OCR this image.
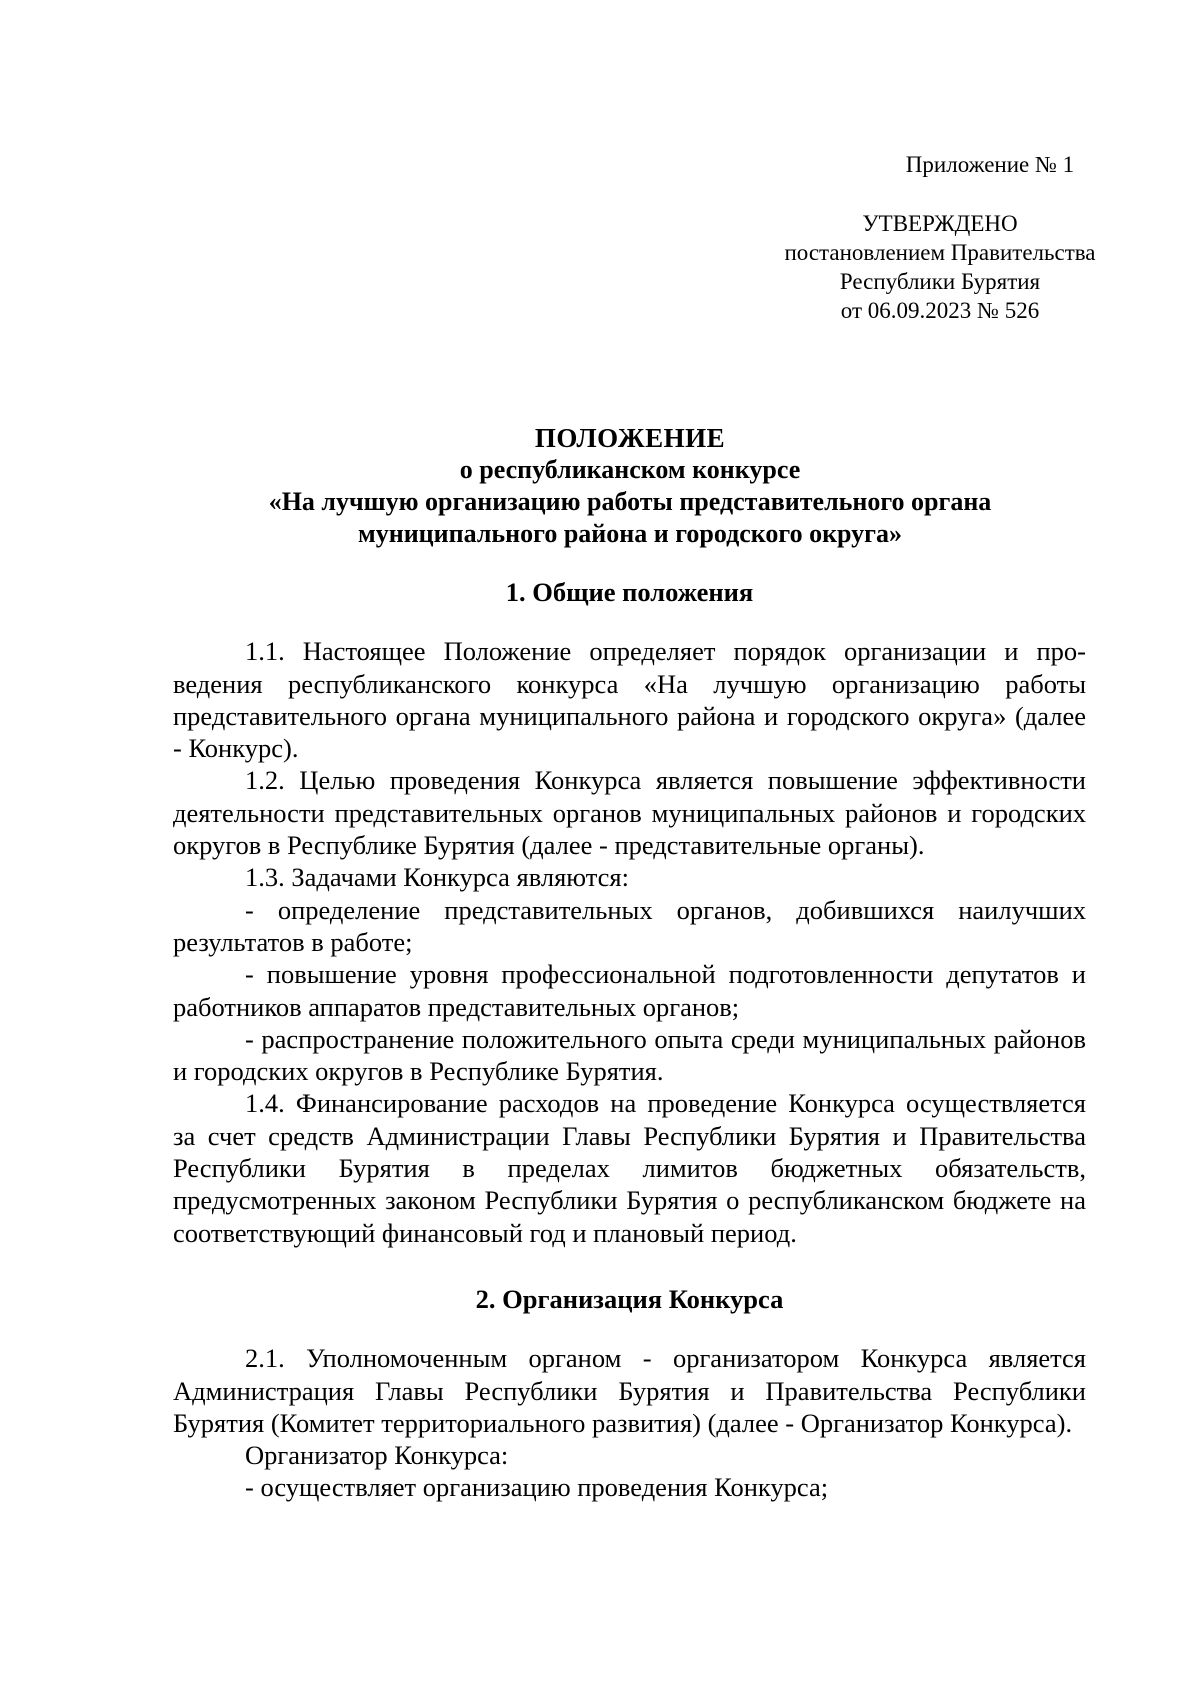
Приложение № 1
УТВЕРЖДЕНО
постановлением Правительства
Республики Бурятия
от 06.09.2023 № 526
ПОЛОЖЕНИЕ
о республиканском конкурсе
«На лучшую организацию работы представительного органа
муниципального района и городского округа»

1. Общие положения

1.1. Настоящее Положение определяет порядок организации и проведения республиканского конкурса «На лучшую организацию работы представительного органа муниципального района и городского округа» (далее - Конкурс).

1.2. Целью проведения Конкурса является повышение эффективности деятельности представительных органов муниципальных районов и городских округов в Республике Бурятия (далее - представительные органы).

1.3. Задачами Конкурса являются:

- определение представительных органов, добившихся наилучших результатов в работе;

- повышение уровня профессиональной подготовленности депутатов и работников аппаратов представительных органов;

- распространение положительного опыта среди муниципальных районов и городских округов в Республике Бурятия.

1.4. Финансирование расходов на проведение Конкурса осуществляется за счет средств Администрации Главы Республики Бурятия и Правительства Республики Бурятия в пределах лимитов бюджетных обязательств, предусмотренных законом Республики Бурятия о республиканском бюджете на соответствующий финансовый год и плановый период.

2. Организация Конкурса

2.1. Уполномоченным органом - организатором Конкурса является Администрация Главы Республики Бурятия и Правительства Республики Бурятия (Комитет территориального развития) (далее - Организатор Конкурса).

Организатор Конкурса:

- осуществляет организацию проведения Конкурса;
